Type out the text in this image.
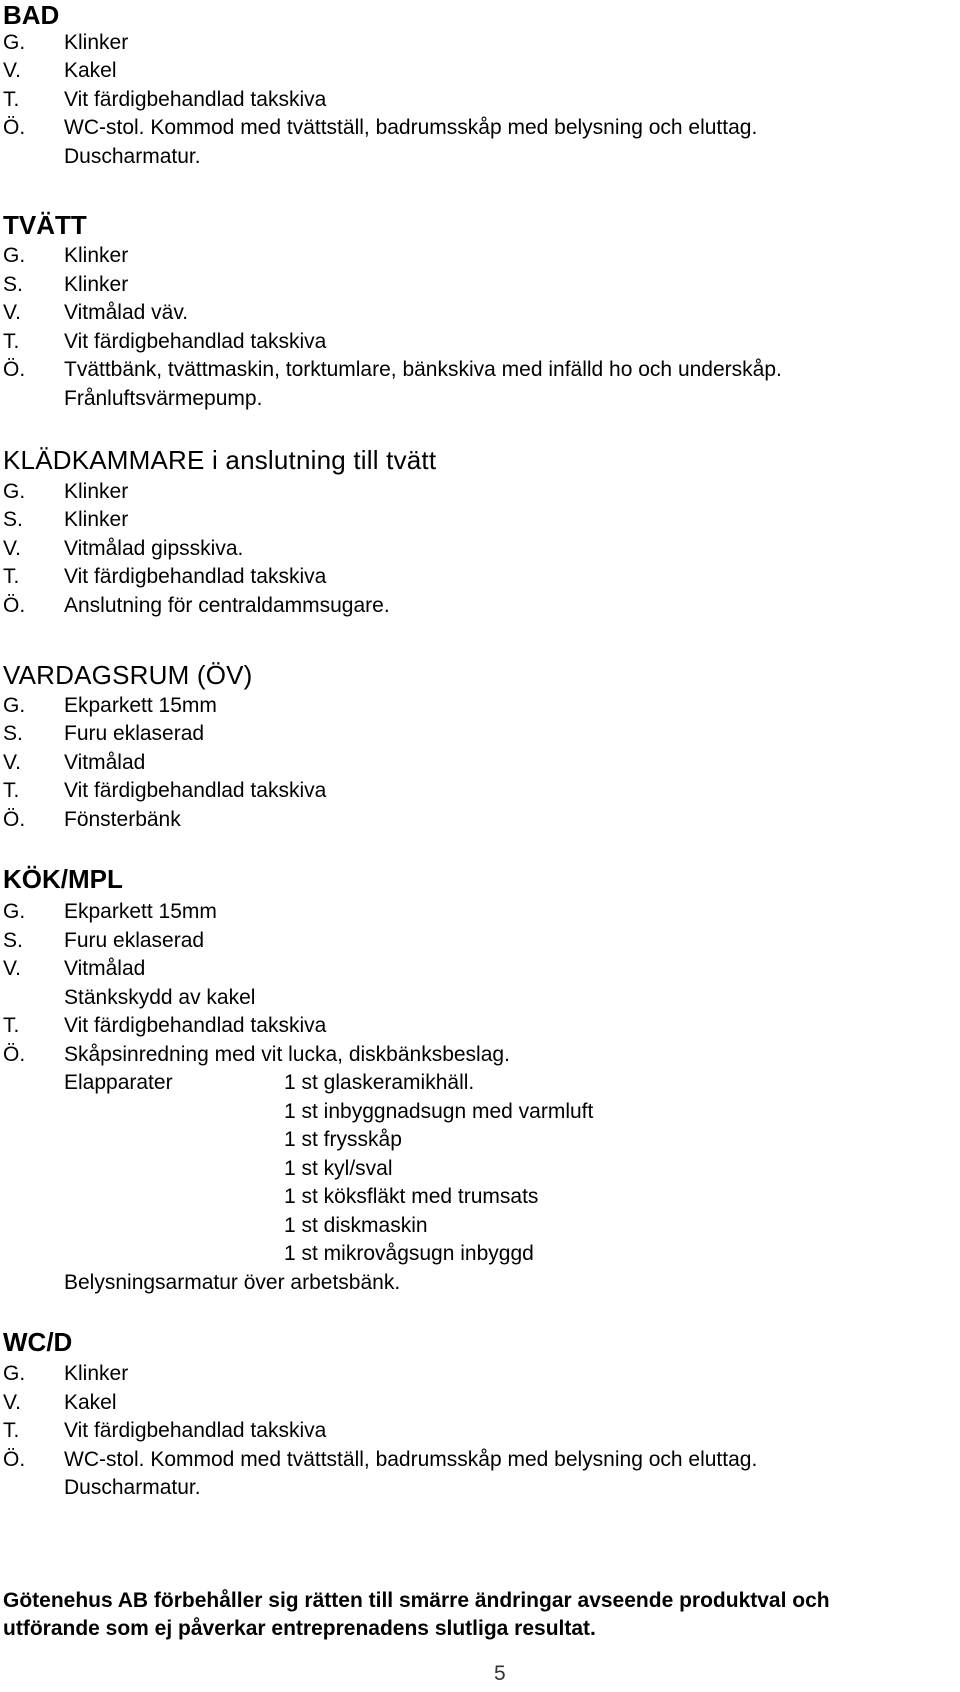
BAD
G. Klinker
V. Kakel
T. Vit färdigbehandlad takskiva
Ö. WC-stol. Kommod med tvättställ, badrumsskåp med belysning och eluttag.
Duscharmatur.
TVÄTT
G. Klinker
S. Klinker
V. Vitmålad väv.
T. Vit färdigbehandlad takskiva
Ö. Tvättbänk, tvättmaskin, torktumlare, bänkskiva med infälld ho och underskåp.
Frånluftsvärmepump.
KLÄDKAMMARE i anslutning till tvätt
G. Klinker
S. Klinker
V. Vitmålad gipsskiva.
T. Vit färdigbehandlad takskiva
Ö. Anslutning för centraldammsugare.
VARDAGSRUM (ÖV)
G. Ekparkett 15mm
S. Furu eklaserad
V. Vitmålad
T. Vit färdigbehandlad takskiva
Ö. Fönsterbänk
KÖK/MPL
G. Ekparkett 15mm
S. Furu eklaserad
V. Vitmålad
Stänkskydd av kakel
T. Vit färdigbehandlad takskiva
Ö. Skåpsinredning med vit lucka, diskbänksbeslag.
Elapparater	1 st glaskeramikhäll.
1 st inbyggnadsugn med varmluft
1 st frysskåp
1 st kyl/sval
1 st köksfläkt med trumsats
1 st diskmaskin
1 st mikrovågsugn inbyggd
Belysningsarmatur över arbetsbänk.
WC/D
G. Klinker
V. Kakel
T. Vit färdigbehandlad takskiva
Ö. WC-stol. Kommod med tvättställ, badrumsskåp med belysning och eluttag.
Duscharmatur.
Götenehus AB förbehåller sig rätten till smärre ändringar avseende produktval och
utförande som ej påverkar entreprenadens slutliga resultat.
5
